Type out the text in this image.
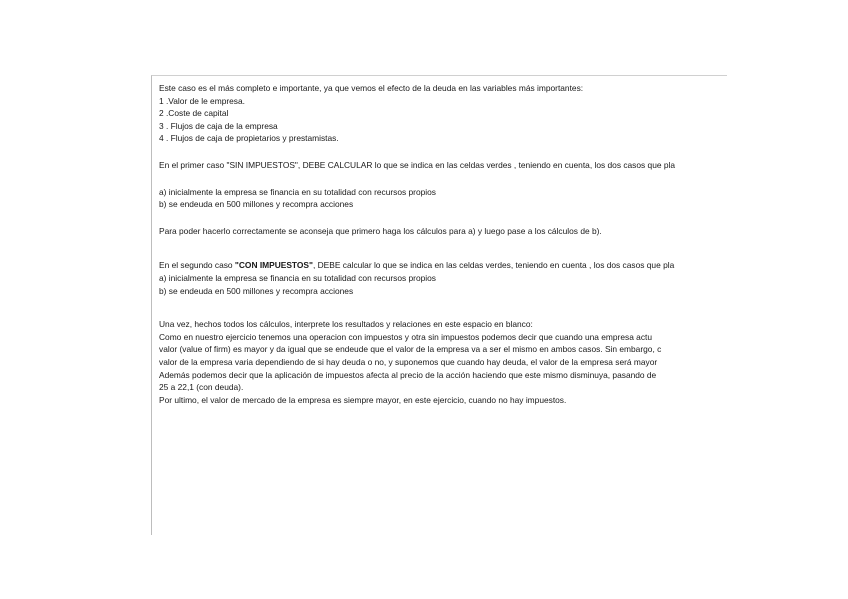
Este caso es el más completo e importante, ya que vemos el efecto de la deuda en las variables más importantes:
1 .Valor de le empresa.
2 .Coste de capital
3 . Flujos de caja de la empresa
4 . Flujos de caja de propietarios y prestamistas.
En el primer caso "SIN IMPUESTOS", DEBE CALCULAR lo que se indica en las celdas verdes , teniendo en cuenta, los dos casos que pla
a) inicialmente la empresa se financia en su totalidad con recursos propios
b) se endeuda en 500 millones y recompra acciones
Para poder hacerlo correctamente se aconseja que primero haga los cálculos para a) y luego pase a los cálculos de b).
En el segundo caso "CON IMPUESTOS", DEBE calcular lo que se indica en las celdas verdes, teniendo en cuenta , los dos casos que pla
a) inicialmente la empresa se financia en su totalidad con recursos propios
b) se endeuda en 500 millones y recompra acciones
Una vez, hechos todos los cálculos, interprete los resultados y relaciones en este espacio en blanco:
Como en nuestro ejercicio tenemos una operacion con impuestos y otra sin impuestos podemos decir que cuando una empresa actu
valor (value of firm) es mayor y da igual que se endeude que el valor de la empresa va a ser el mismo en ambos casos. Sin embargo, c
valor de la empresa varia dependiendo de si hay deuda o no, y suponemos que cuando hay deuda, el valor de la empresa será mayor
Además podemos decir que la aplicación de impuestos afecta al precio de la acción haciendo que este mismo disminuya, pasando de
25 a 22,1 (con deuda).
Por ultimo, el valor de mercado de la empresa es siempre mayor, en este ejercicio, cuando no hay impuestos.
